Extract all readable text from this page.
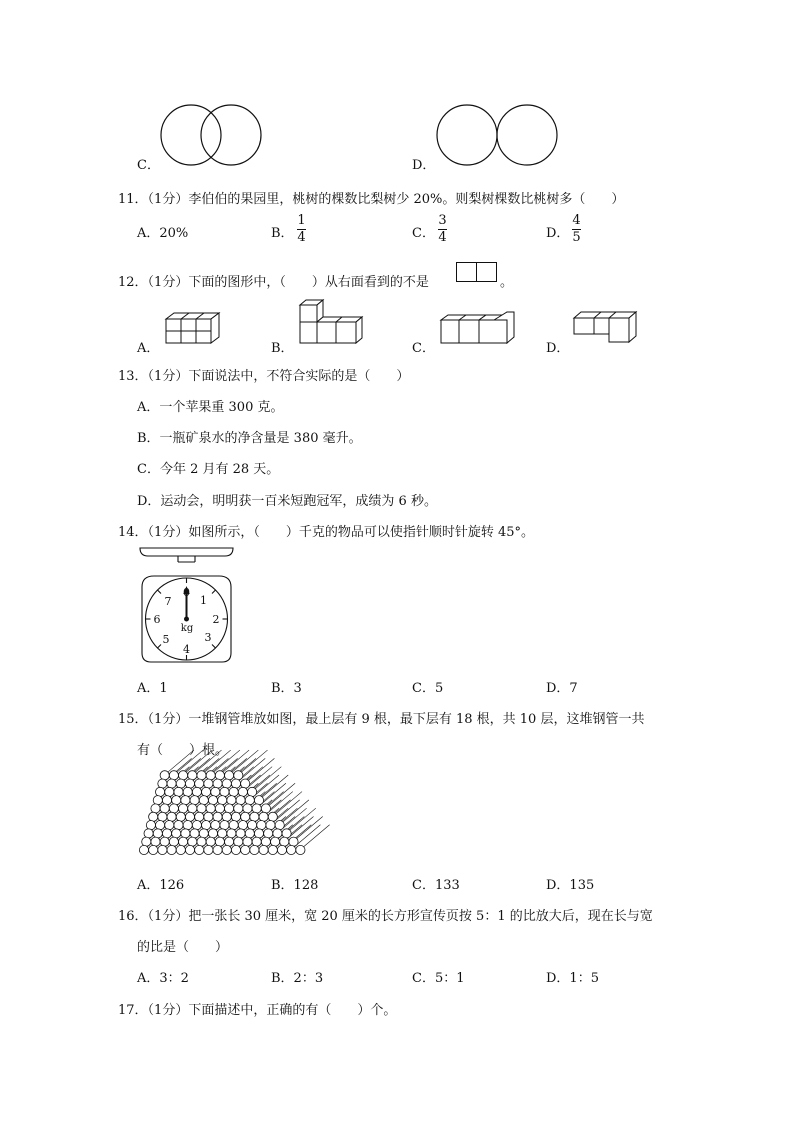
C．	D．
11．（1分）李伯伯的果园里，桃树的棵数比梨树少 20%。则梨树棵数比桃树多（　　）
A．20%	B．
1
4	C．
3
4	D．
4
5
12．（1分）下面的图形中，（　　）从右面看到的不是	。
A．	B．	C．	D．
13．（1分）下面说法中，不符合实际的是（　　）
A．一个苹果重 300 克。
B．一瓶矿泉水的净含量是 380 毫升。
C．今年 2 月有 28 天。
D．运动会，明明获一百米短跑冠军，成绩为 6 秒。
14．（1分）如图所示，（　　）千克的物品可以使指针顺时针旋转 45°。
0
1
2
3
4
5
6
7
kg
A．1	B．3	C．5	D．7
15．（1分）一堆钢管堆放如图，最上层有 9 根，最下层有 18 根，共 10 层，这堆钢管一共
有（　　）根。
A．126	B．128	C．133	D．135
16．（1分）把一张长 30 厘米，宽 20 厘米的长方形宣传页按 5：1 的比放大后，现在长与宽
的比是（　　）
A．3：2	B．2：3	C．5：1	D．1：5
17．（1分）下面描述中，正确的有（　　）个。
